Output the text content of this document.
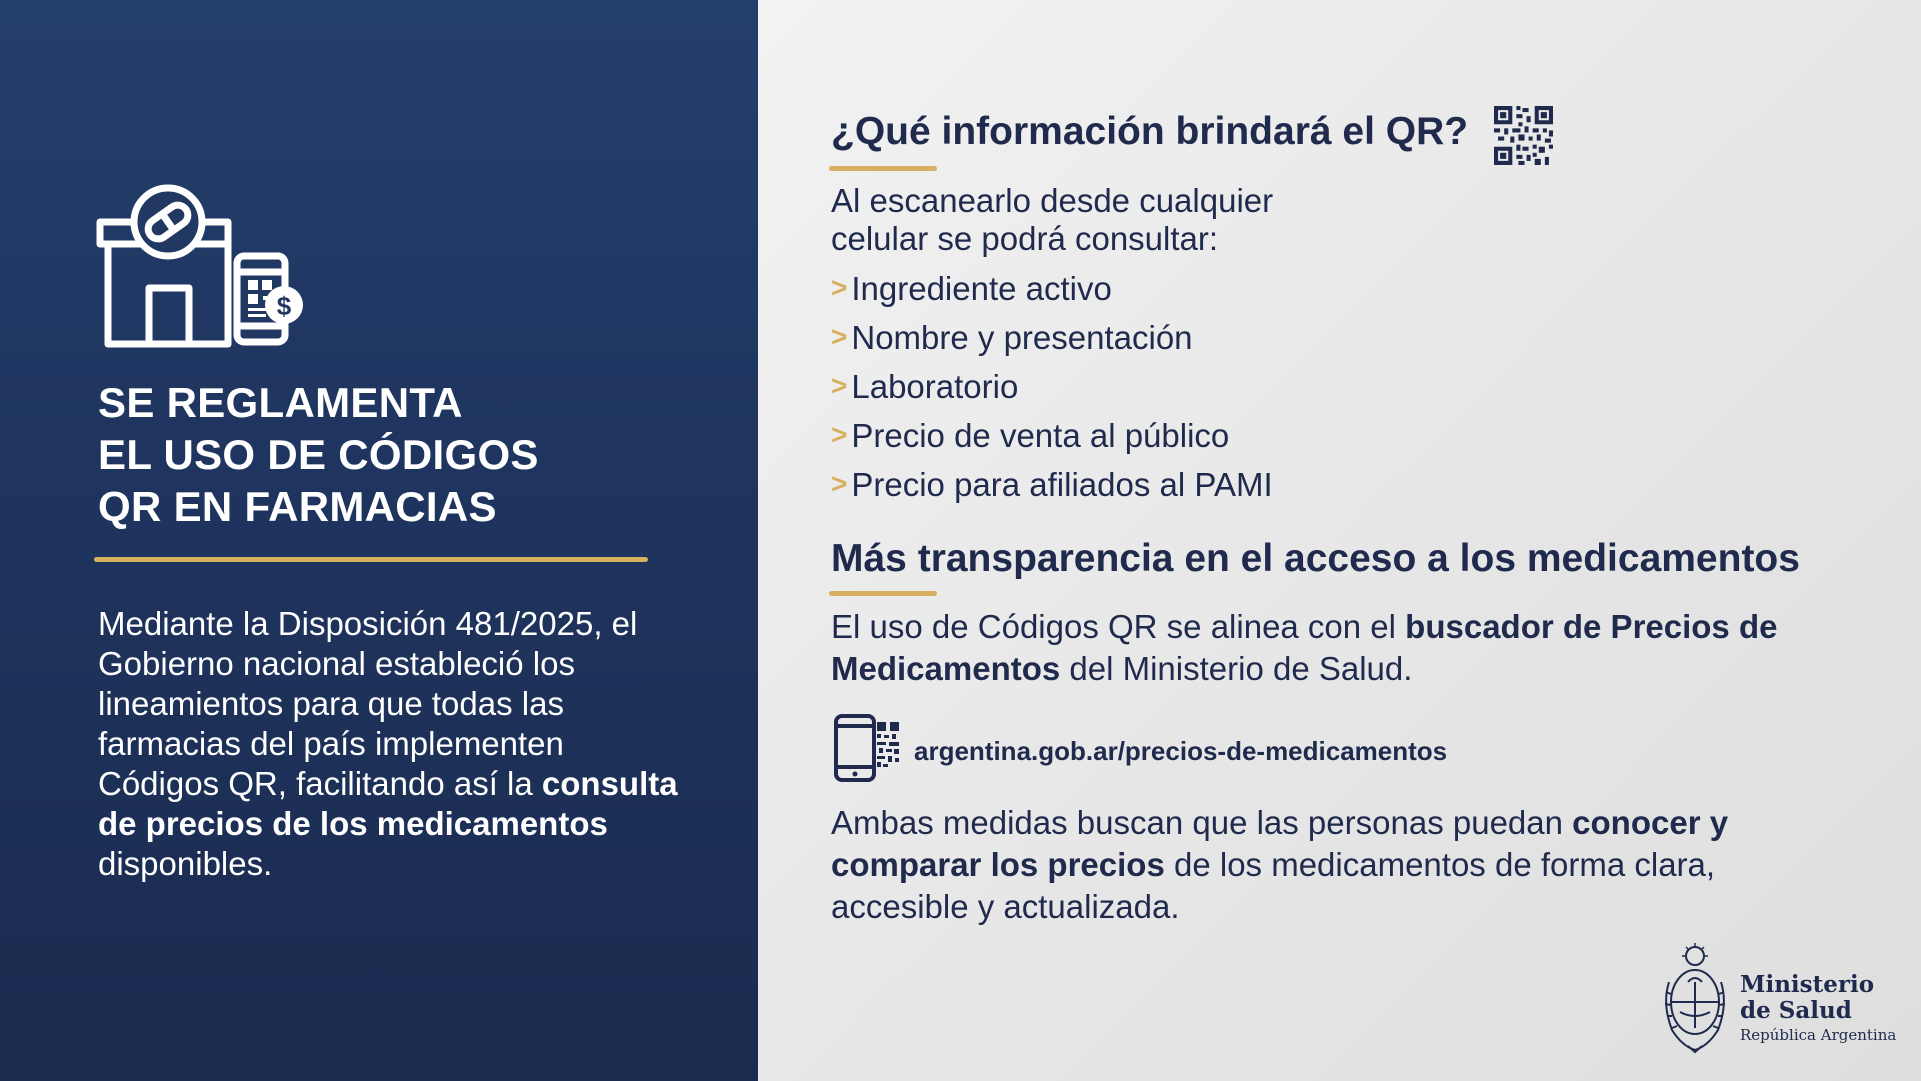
$
SE REGLAMENTA
EL USO DE CÓDIGOS
QR EN FARMACIAS
Mediante la Disposición 481/2025, el Gobierno nacional estableció los lineamientos para que todas las farmacias del país implementen Códigos QR, facilitando así la consulta de precios de los medicamentos disponibles.
¿Qué información brindará el QR?
Al escanearlo desde cualquier
celular se podrá consultar:
> Ingrediente activo
> Nombre y presentación
> Laboratorio
> Precio de venta al público
> Precio para afiliados al PAMI
Más transparencia en el acceso a los medicamentos
El uso de Códigos QR se alinea con el buscador de Precios de Medicamentos del Ministerio de Salud.
argentina.gob.ar/precios-de-medicamentos
Ambas medidas buscan que las personas puedan conocer y comparar los precios de los medicamentos de forma clara, accesible y actualizada.
Ministerio
de Salud
República Argentina
